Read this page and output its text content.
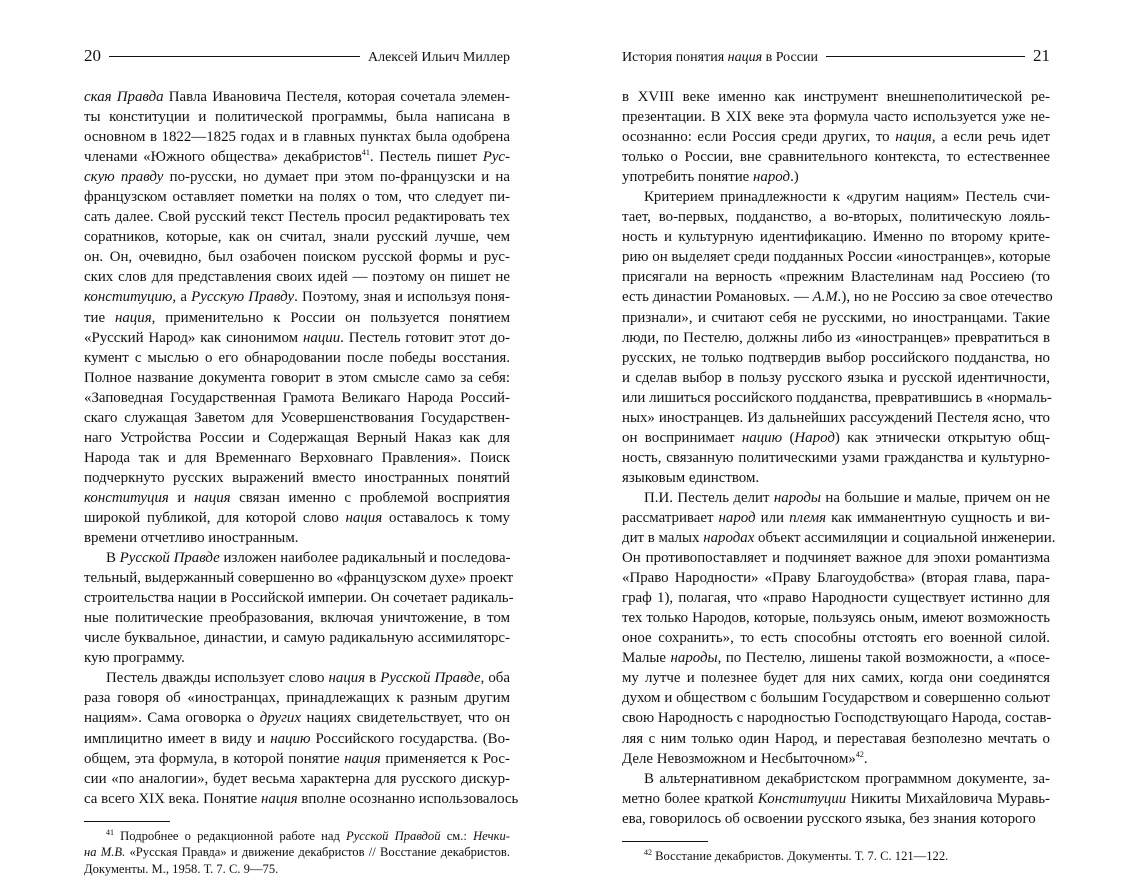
20	Алексей Ильич Миллер

ская Правда Павла Ивановича Пестеля, которая сочетала элемен-
ты конституции и политической программы, была написана в
основном в 1822—1825 годах и в главных пунктах была одобрена
членами «Южного общества» декабристов$^{41}$. Пестель пишет Рус-
скую правду по-русски, но думает при этом по-французски и на
французском оставляет пометки на полях о том, что следует пи-
сать далее. Свой русский текст Пестель просил редактировать тех
соратников, которые, как он считал, знали русский лучше, чем
он. Он, очевидно, был озабочен поиском русской формы и рус-
ских слов для представления своих идей — поэтому он пишет не
конституцию, а Русскую Правду. Поэтому, зная и используя поня-
тие нация, применительно к России он пользуется понятием
«Русский Народ» как синонимом нации. Пестель готовит этот до-
кумент с мыслью о его обнародовании после победы восстания.
Полное название документа говорит в этом смысле само за себя:
«Заповедная Государственная Грамота Великаго Народа Россий-
скаго служащая Заветом для Усовершенствования Государствен-
наго Устройства России и Содержащая Верный Наказ как для
Народа так и для Временнаго Верховнаго Правления». Поиск
подчеркнуто русских выражений вместо иностранных понятий
конституция и нация связан именно с проблемой восприятия
широкой публикой, для которой слово нация оставалось к тому
времени отчетливо иностранным.

В Русской Правде изложен наиболее радикальный и последова-
тельный, выдержанный совершенно во «французском духе» проект
строительства нации в Российской империи. Он сочетает радикаль-
ные политические преобразования, включая уничтожение, в том
числе буквальное, династии, и самую радикальную ассимиляторс-
кую программу.

Пестель дважды использует слово нация в Русской Правде, оба
раза говоря об «иностранцах, принадлежащих к разным другим
нациям». Сама оговорка о других нациях свидетельствует, что он
имплицитно имеет в виду и нацию Российского государства. (Во-
общем, эта формула, в которой понятие нация применяется к Рос-
сии «по аналогии», будет весьма характерна для русского дискур-
са всего XIX века. Понятие нация вполне осознанно использовалось

$^{41}$ Подробнее о редакционной работе над Русской Правдой см.: Нечки-
на М.В. «Русская Правда» и движение декабристов // Восстание декабристов.
Документы. М., 1958. Т. 7. С. 9—75.
История понятия нация в России	21

в XVIII веке именно как инструмент внешнеполитической ре-
презентации. В XIX веке эта формула часто используется уже не-
осознанно: если Россия среди других, то нация, а если речь идет
только о России, вне сравнительного контекста, то естественнее
употребить понятие народ.)

Критерием принадлежности к «другим нациям» Пестель счи-
тает, во-первых, подданство, а во-вторых, политическую лояль-
ность и культурную идентификацию. Именно по второму крите-
рию он выделяет среди подданных России «иностранцев», которые
присягали на верность «прежним Властелинам над Россиею (то
есть династии Романовых. — А.М.), но не Россию за свое отечество
признали», и считают себя не русскими, но иностранцами. Такие
люди, по Пестелю, должны либо из «иностранцев» превратиться в
русских, не только подтвердив выбор российского подданства, но
и сделав выбор в пользу русского языка и русской идентичности,
или лишиться российского подданства, превратившись в «нормаль-
ных» иностранцев. Из дальнейших рассуждений Пестеля ясно, что
он воспринимает нацию (Народ) как этнически открытую общ-
ность, связанную политическими узами гражданства и культурно-
языковым единством.

П.И. Пестель делит народы на большие и малые, причем он не
рассматривает народ или племя как имманентную сущность и ви-
дит в малых народах объект ассимиляции и социальной инженерии.
Он противопоставляет и подчиняет важное для эпохи романтизма
«Право Народности» «Праву Благоудобства» (вторая глава, пара-
граф 1), полагая, что «право Народности существует истинно для
тех только Народов, которые, пользуясь оным, имеют возможность
оное сохранить», то есть способны отстоять его военной силой.
Малые народы, по Пестелю, лишены такой возможности, а «посе-
му лутче и полезнее будет для них самих, когда они соединятся
духом и обществом с большим Государством и совершенно сольют
свою Народность с народностью Господствующаго Народа, состав-
ляя с ним только один Народ, и переставая безполезно мечтать о
Деле Невозможном и Несбыточном»$^{42}$.

В альтернативном декабристском программном документе, за-
метно более краткой Конституции Никиты Михайловича Муравь-
ева, говорилось об освоении русского языка, без знания которого

$^{42}$ Восстание декабристов. Документы. Т. 7. С. 121—122.
